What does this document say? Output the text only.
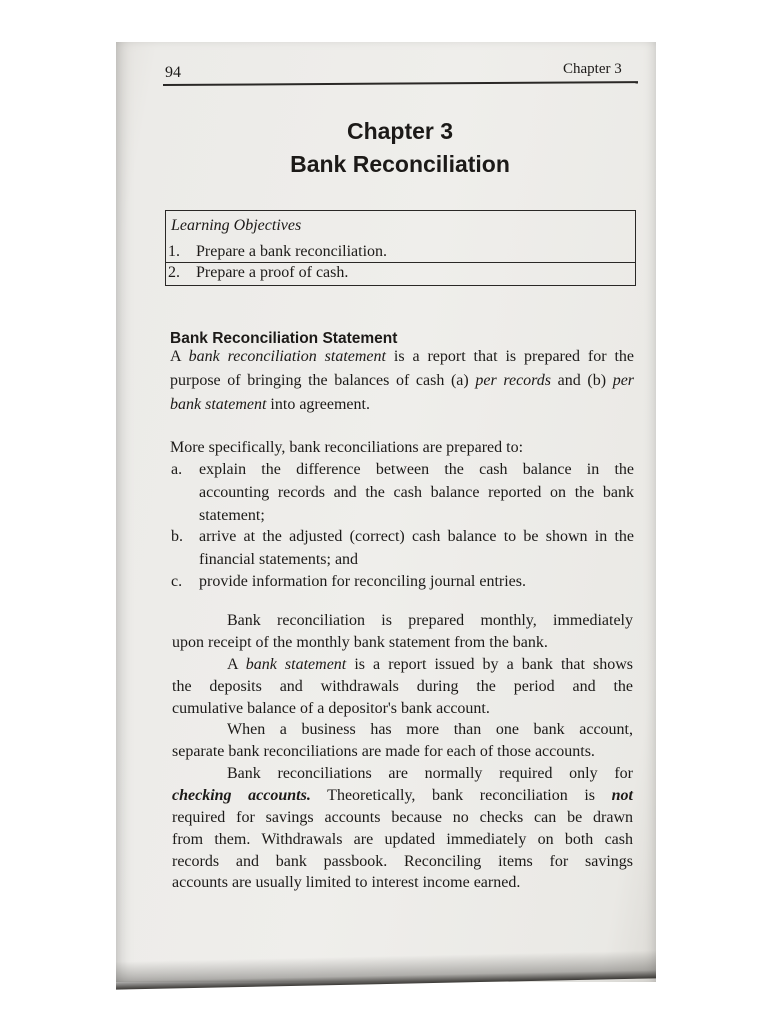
94	Chapter 3
Chapter 3
Bank Reconciliation
Learning Objectives
1. Prepare a bank reconciliation.
2. Prepare a proof of cash.
Bank Reconciliation Statement
A bank reconciliation statement is a report that is prepared for the
purpose of bringing the balances of cash (a) per records and (b) per
bank statement into agreement.
More specifically, bank reconciliations are prepared to:
a. explain the difference between the cash balance in the
accounting records and the cash balance reported on the bank
statement;
b. arrive at the adjusted (correct) cash balance to be shown in the
financial statements; and
c. provide information for reconciling journal entries.
Bank reconciliation is prepared monthly, immediately
upon receipt of the monthly bank statement from the bank.
A bank statement is a report issued by a bank that shows
the deposits and withdrawals during the period and the
cumulative balance of a depositor's bank account.
When a business has more than one bank account,
separate bank reconciliations are made for each of those accounts.
Bank reconciliations are normally required only for
checking accounts. Theoretically, bank reconciliation is not
required for savings accounts because no checks can be drawn
from them. Withdrawals are updated immediately on both cash
records and bank passbook. Reconciling items for savings
accounts are usually limited to interest income earned.
